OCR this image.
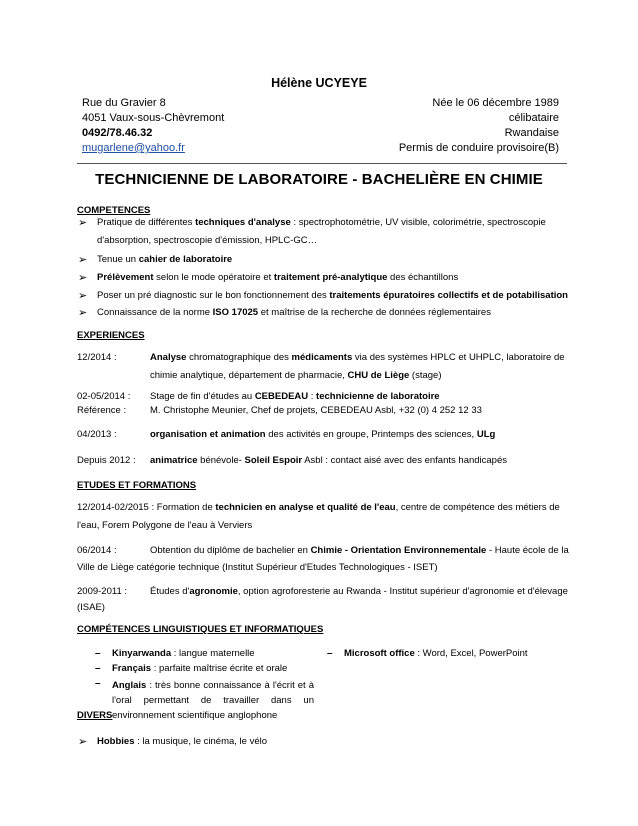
Hélène UCYEYE
Rue du Gravier 8
4051 Vaux-sous-Chèvremont
0492/78.46.32
mugarlene@yahoo.fr
Née le 06 décembre 1989
célibataire
Rwandaise
Permis de conduire provisoire(B)
TECHNICIENNE DE LABORATOIRE - BACHELIÈRE EN CHIMIE
COMPETENCES
➢ Pratique de différentes techniques d'analyse : spectrophotométrie, UV visible, colorimétrie, spectroscopie
d'absorption, spectroscopie d'émission, HPLC-GC…
➢ Tenue un cahier de laboratoire
➢ Prélèvement selon le mode opératoire et traitement pré-analytique des échantillons
➢ Poser un pré diagnostic sur le bon fonctionnement des traitements épuratoires collectifs et de potabilisation
➢ Connaissance de la norme ISO 17025 et maîtrise de la recherche de données réglementaires
EXPERIENCES
12/2014 :	Analyse chromatographique des médicaments via des systèmes HPLC et UHPLC, laboratoire de
chimie analytique, département de pharmacie, CHU de Liège (stage)
02-05/2014 : Stage de fin d'études au CEBEDEAU : technicienne de laboratoire
Référence :	M. Christophe Meunier, Chef de projets, CEBEDEAU Asbl, +32 (0) 4 252 12 33
04/2013 :	organisation et animation des activités en groupe, Printemps des sciences, ULg
Depuis 2012 : animatrice bénévole- Soleil Espoir Asbl : contact aisé avec des enfants handicapés
ETUDES ET FORMATIONS
12/2014-02/2015 : Formation de technicien en analyse et qualité de l'eau, centre de compétence des métiers de
l'eau, Forem Polygone de l'eau à Verviers
06/2014 :	Obtention du diplôme de bachelier en Chimie - Orientation Environnementale - Haute école de la
Ville de Liège catégorie technique (Institut Supérieur d'Etudes Technologiques - ISET)
2009-2011 : Études d'agronomie, option agroforesterie au Rwanda - Institut supérieur d'agronomie et d'élevage
(ISAE)
COMPÉTENCES LINGUISTIQUES ET INFORMATIQUES
– Kinyarwanda : langue maternelle	– Microsoft office : Word, Excel, PowerPoint
– Français : parfaite maîtrise écrite et orale
– Anglais : très bonne connaissance à l'écrit et à l'oral permettant de travailler dans un environnement scientifique anglophone
DIVERS
➢ Hobbies : la musique, le cinéma, le vélo
